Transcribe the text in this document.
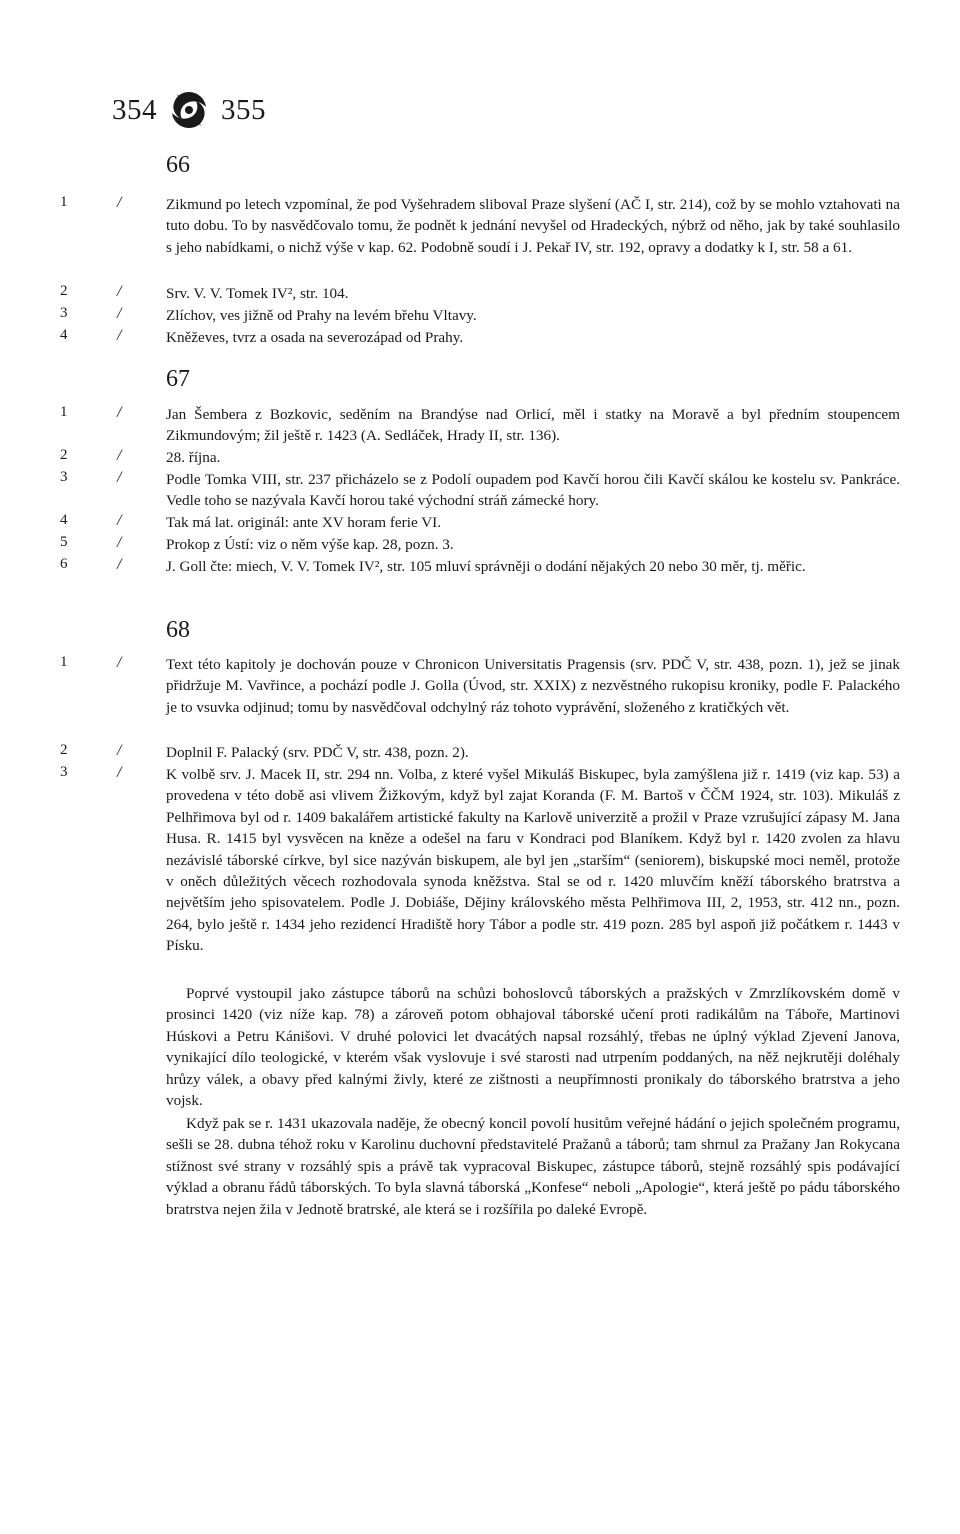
354 355
66
1	/	Zikmund po letech vzpomínal, že pod Vyšehradem sliboval Praze slyšení (AČ I, str. 214), což by se mohlo vztahovati na tuto dobu. To by nasvědčovalo tomu, že podnět k jednání nevyšel od Hradeckých, nýbrž od něho, jak by také souhlasilo s jeho nabídkami, o nichž výše v kap. 62. Podobně soudí i J. Pekař IV, str. 192, opravy a dodatky k I, str. 58 a 61.
2	/	Srv. V. V. Tomek IV², str. 104.
3	/	Zlíchov, ves jižně od Prahy na levém břehu Vltavy.
4	/	Kněževes, tvrz a osada na severozápad od Prahy.
67
1	/	Jan Šembera z Bozkovic, seděním na Brandýse nad Orlicí, měl i statky na Moravě a byl předním stoupencem Zikmundovým; žil ještě r. 1423 (A. Sedláček, Hrady II, str. 136).
2	/	28. října.
3	/	Podle Tomka VIII, str. 237 přicházelo se z Podolí oupadem pod Kavčí horou čili Kavčí skálou ke kostelu sv. Pankráce. Vedle toho se nazývala Kavčí horou také východní stráň zámecké hory.
4	/	Tak má lat. originál: ante XV horam ferie VI.
5	/	Prokop z Ústí: viz o něm výše kap. 28, pozn. 3.
6	/	J. Goll čte: miech, V. V. Tomek IV², str. 105 mluví správněji o dodání nějakých 20 nebo 30 měr, tj. měřic.
68
1	/	Text této kapitoly je dochován pouze v Chronicon Universitatis Pragensis (srv. PDČ V, str. 438, pozn. 1), jež se jinak přidržuje M. Vavřince, a pochází podle J. Golla (Úvod, str. XXIX) z nezvěstného rukopisu kroniky, podle F. Palackého je to vsuvka odjinud; tomu by nasvědčoval odchylný ráz tohoto vyprávění, složeného z kratičkých vět.
2	/	Doplnil F. Palacký (srv. PDČ V, str. 438, pozn. 2).
3	/	K volbě srv. J. Macek II, str. 294 nn. Volba, z které vyšel Mikuláš Biskupec, byla zamýšlena již r. 1419 (viz kap. 53) a provedena v této době asi vlivem Žižkovým, když byl zajat Koranda (F. M. Bartoš v ČČM 1924, str. 103). Mikuláš z Pelhřimova byl od r. 1409 bakalářem artistické fakulty na Karlově univerzitě a prožil v Praze vzrušující zápasy M. Jana Husa. R. 1415 byl vysvěcen na kněze a odešel na faru v Kondraci pod Blaníkem. Když byl r. 1420 zvolen za hlavu nezávislé táborské církve, byl sice nazýván biskupem, ale byl jen „starším“ (seniorem), biskupské moci neměl, protože v oněch důležitých věcech rozhodovala synoda kněžstva. Stal se od r. 1420 mluvčím kněží táborského bratrstva a největším jeho spisovatelem. Podle J. Dobiáše, Dějiny královského města Pelhřimova III, 2, 1953, str. 412 nn., pozn. 264, bylo ještě r. 1434 jeho rezidencí Hradiště hory Tábor a podle str. 419 pozn. 285 byl aspoň již počátkem r. 1443 v Písku.
Poprvé vystoupil jako zástupce táborů na schůzi bohoslovců táborských a pražských v Zmrzlíkovském domě v prosinci 1420 (viz níže kap. 78) a zároveň potom obhajoval táborské učení proti radikálům na Táboře, Martinovi Húskovi a Petru Kánišovi. V druhé polovici let dvacátých napsal rozsáhlý, třebas ne úplný výklad Zjevení Janova, vynikající dílo teologické, v kterém však vyslovuje i své starosti nad utrpením poddaných, na něž nejkrutěji doléhaly hrůzy válek, a obavy před kalnými živly, které ze zištnosti a neupřímnosti pronikaly do táborského bratrstva a jeho vojsk.
Když pak se r. 1431 ukazovala naděje, že obecný koncil povolí husitům veřejné hádání o jejich společném programu, sešli se 28. dubna téhož roku v Karolinu duchovní představitelé Pražanů a táborů; tam shrnul za Pražany Jan Rokycana stížnost své strany v rozsáhlý spis a právě tak vypracoval Biskupec, zástupce táborů, stejně rozsáhlý spis podávající výklad a obranu řádů táborských. To byla slavná táborská „Konfese“ neboli „Apologie“, která ještě po pádu táborského bratrstva nejen žila v Jednotě bratrské, ale která se i rozšířila po daleké Evropě.
